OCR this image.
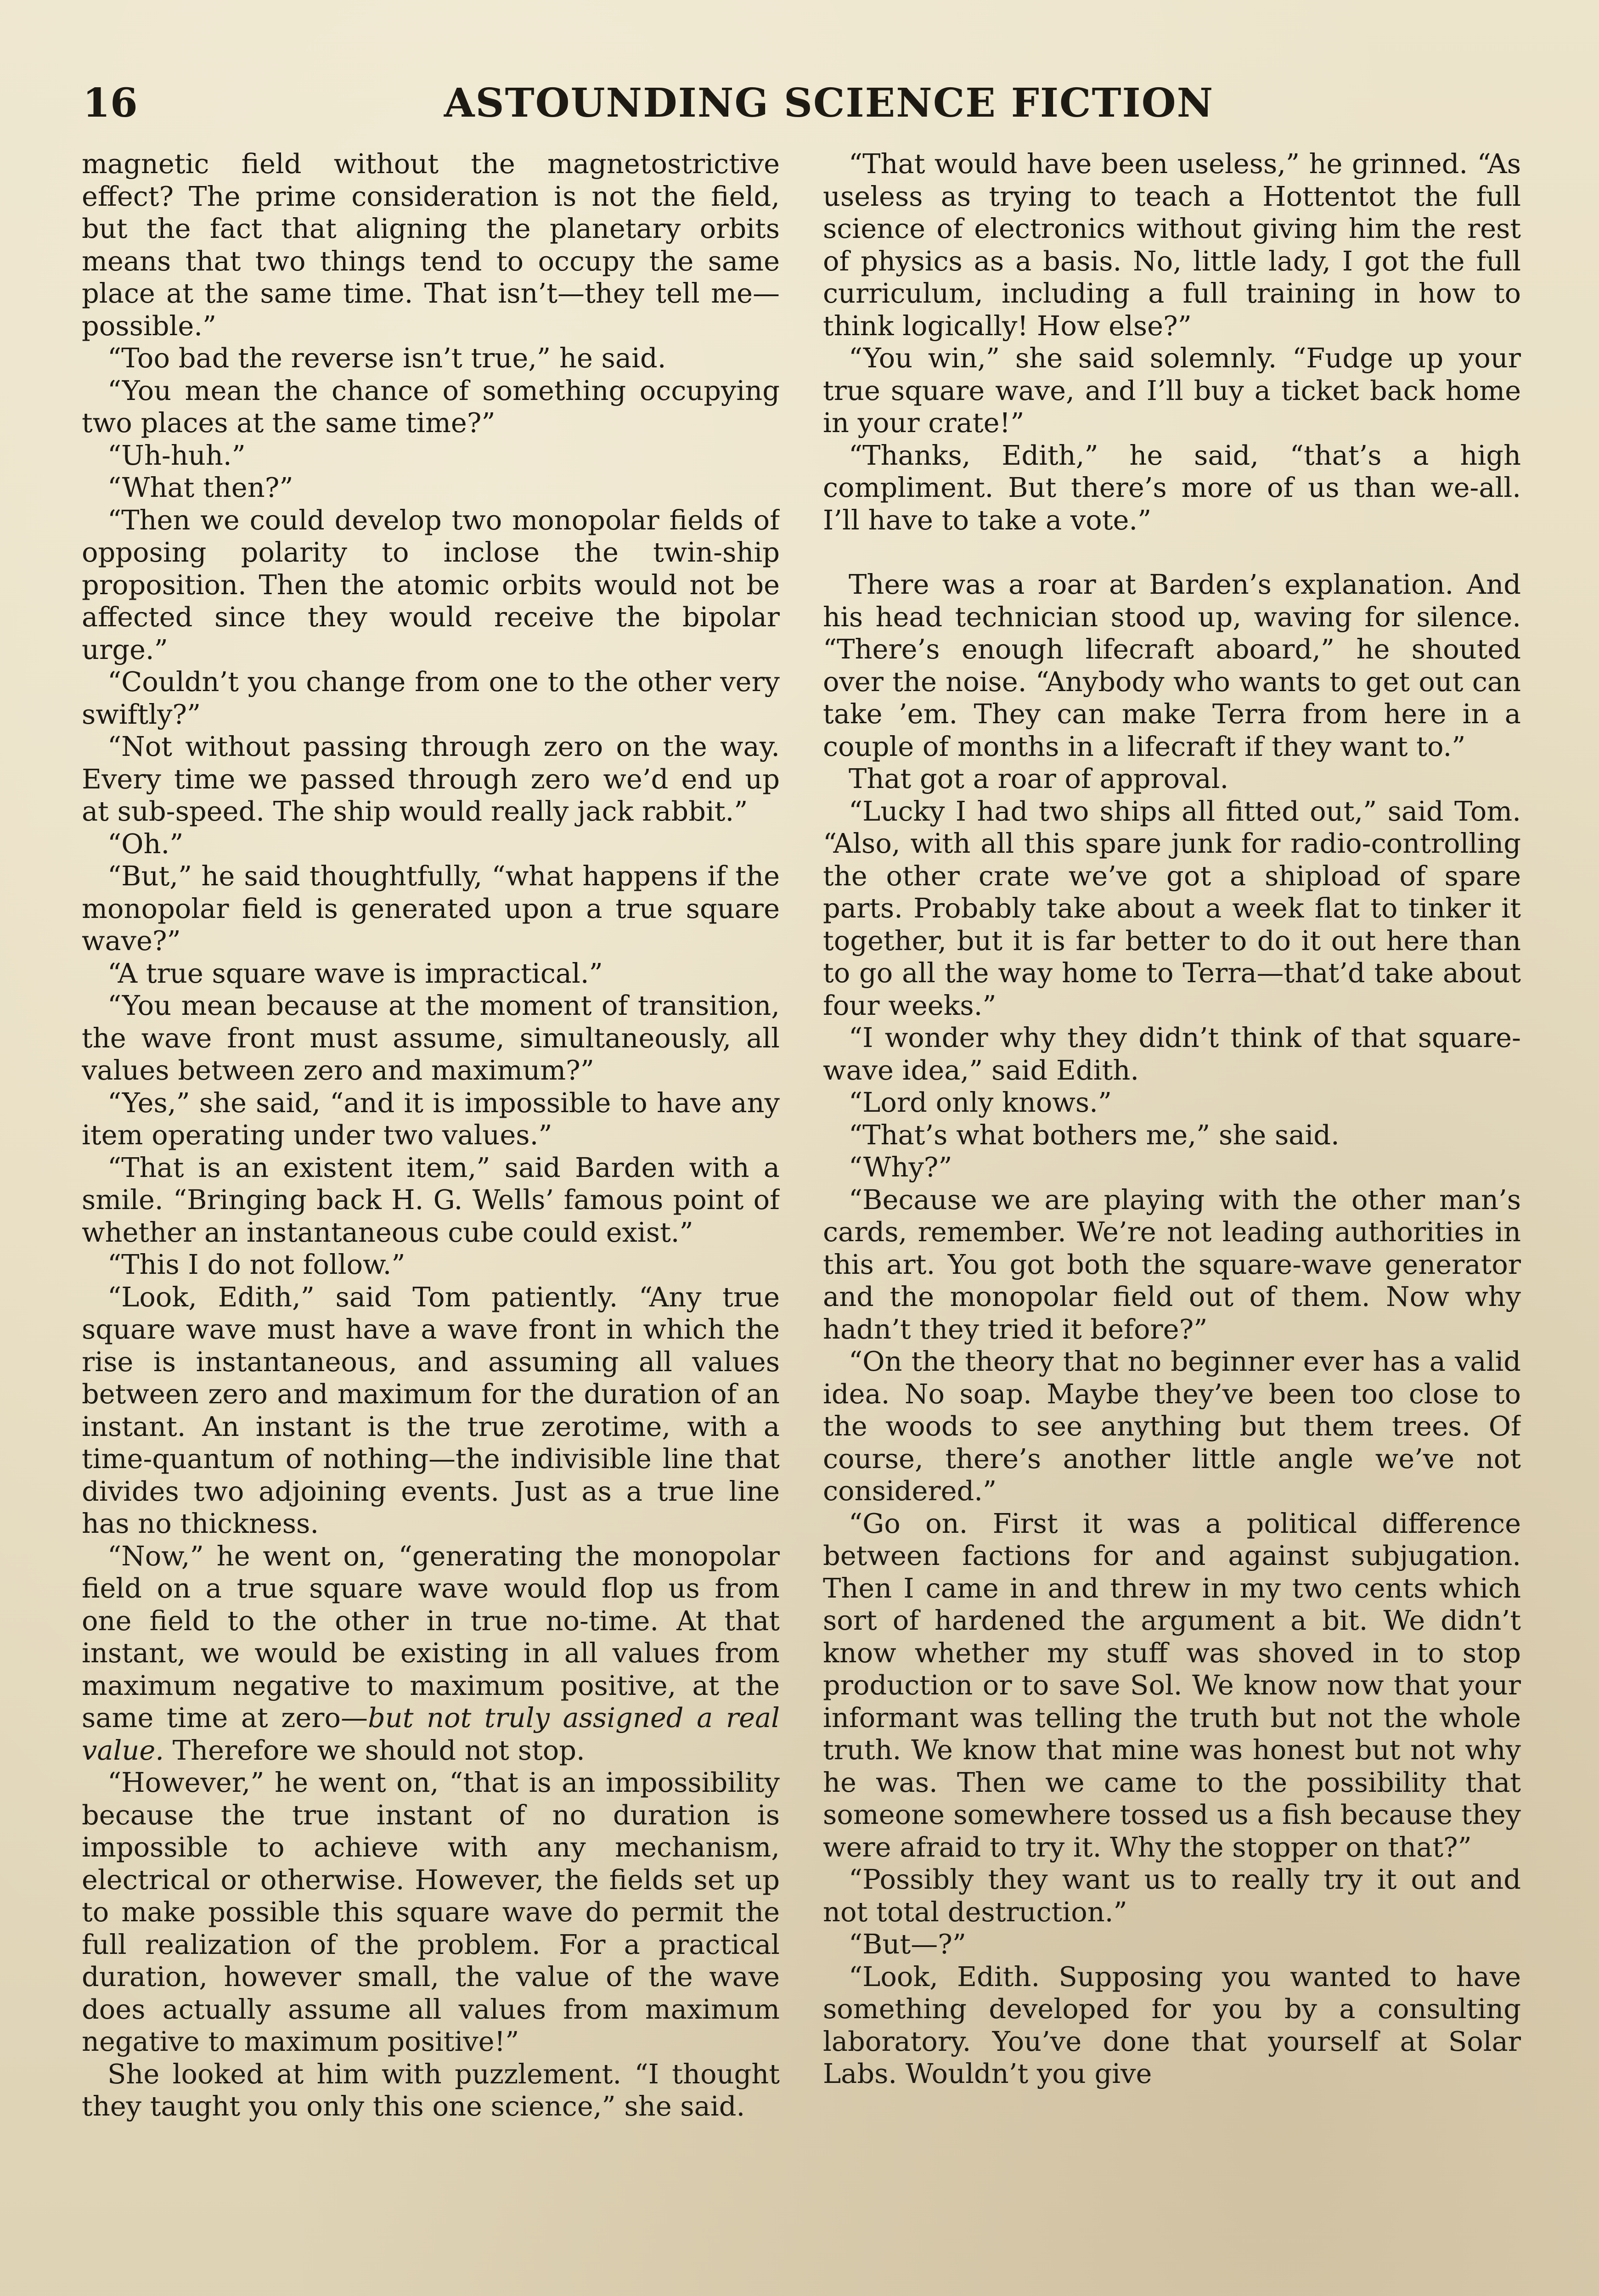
16	ASTOUNDING SCIENCE FICTION

magnetic field without the magnetostrictive effect? The prime consideration is not the field, but the fact that aligning the planetary orbits means that two things tend to occupy the same place at the same time. That isn’t—they tell me—possible.”

“Too bad the reverse isn’t true,” he said.

“You mean the chance of something occupying two places at the same time?”

“Uh-huh.”

“What then?”

“Then we could develop two monopolar fields of opposing polarity to inclose the twin-ship proposition. Then the atomic orbits would not be affected since they would receive the bipolar urge.”

“Couldn’t you change from one to the other very swiftly?”

“Not without passing through zero on the way. Every time we passed through zero we’d end up at sub-speed. The ship would really jack rabbit.”

“Oh.”

“But,” he said thoughtfully, “what happens if the monopolar field is generated upon a true square wave?”

“A true square wave is impractical.”

“You mean because at the moment of transition, the wave front must assume, simultaneously, all values between zero and maximum?”

“Yes,” she said, “and it is impossible to have any item operating under two values.”

“That is an existent item,” said Barden with a smile. “Bringing back H. G. Wells’ famous point of whether an instantaneous cube could exist.”

“This I do not follow.”

“Look, Edith,” said Tom patiently. “Any true square wave must have a wave front in which the rise is instantaneous, and assuming all values between zero and maximum for the duration of an instant. An instant is the true zerotime, with a time-quantum of nothing—the indivisible line that divides two adjoining events. Just as a true line has no thickness.

“Now,” he went on, “generating the monopolar field on a true square wave would flop us from one field to the other in true no-time. At that instant, we would be existing in all values from maximum negative to maximum positive, at the same time at zero—but not truly assigned a real value. Therefore we should not stop.

“However,” he went on, “that is an impossibility because the true instant of no duration is impossible to achieve with any mechanism, electrical or otherwise. However, the fields set up to make possible this square wave do permit the full realization of the problem. For a practical duration, however small, the value of the wave does actually assume all values from maximum negative to maximum positive!”

She looked at him with puzzlement. “I thought they taught you only this one science,” she said.

“That would have been useless,” he grinned. “As useless as trying to teach a Hottentot the full science of electronics without giving him the rest of physics as a basis. No, little lady, I got the full curriculum, including a full training in how to think logically! How else?”

“You win,” she said solemnly. “Fudge up your true square wave, and I’ll buy a ticket back home in your crate!”

“Thanks, Edith,” he said, “that’s a high compliment. But there’s more of us than we-all. I’ll have to take a vote.”

There was a roar at Barden’s explanation. And his head technician stood up, waving for silence. “There’s enough lifecraft aboard,” he shouted over the noise. “Anybody who wants to get out can take ’em. They can make Terra from here in a couple of months in a lifecraft if they want to.”

That got a roar of approval.

“Lucky I had two ships all fitted out,” said Tom. “Also, with all this spare junk for radio-controlling the other crate we’ve got a shipload of spare parts. Probably take about a week flat to tinker it together, but it is far better to do it out here than to go all the way home to Terra—that’d take about four weeks.”

“I wonder why they didn’t think of that square-wave idea,” said Edith.

“Lord only knows.”

“That’s what bothers me,” she said.

“Why?”

“Because we are playing with the other man’s cards, remember. We’re not leading authorities in this art. You got both the square-wave generator and the monopolar field out of them. Now why hadn’t they tried it before?”

“On the theory that no beginner ever has a valid idea. No soap. Maybe they’ve been too close to the woods to see anything but them trees. Of course, there’s another little angle we’ve not considered.”

“Go on. First it was a political difference between factions for and against subjugation. Then I came in and threw in my two cents which sort of hardened the argument a bit. We didn’t know whether my stuff was shoved in to stop production or to save Sol. We know now that your informant was telling the truth but not the whole truth. We know that mine was honest but not why he was. Then we came to the possibility that someone somewhere tossed us a fish because they were afraid to try it. Why the stopper on that?”

“Possibly they want us to really try it out and not total destruction.”

“But—?”

“Look, Edith. Supposing you wanted to have something developed for you by a consulting laboratory. You’ve done that yourself at Solar Labs. Wouldn’t you give
